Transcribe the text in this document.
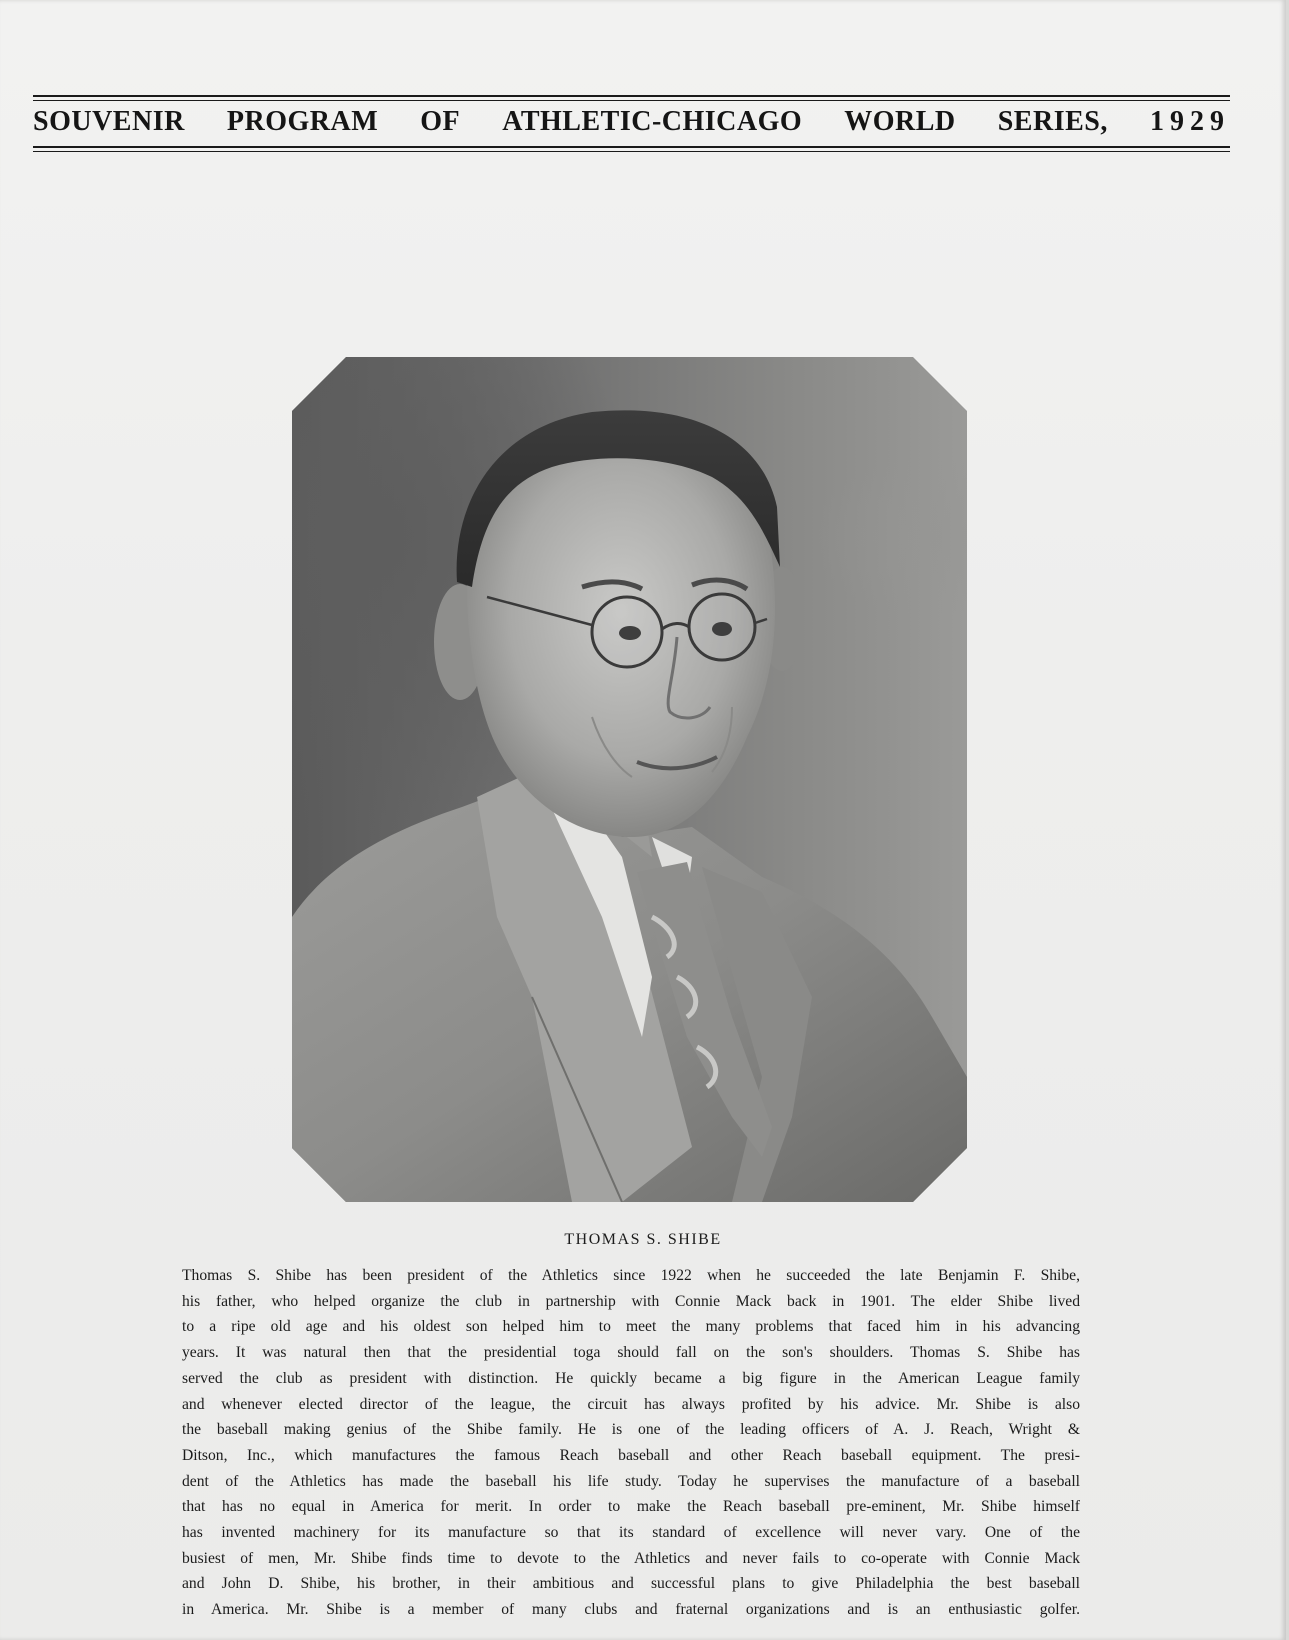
SOUVENIR PROGRAM OF ATHLETIC-CHICAGO WORLD SERIES, 1929
THOMAS S. SHIBE
Thomas S. Shibe has been president of the Athletics since 1922 when he succeeded the late Benjamin F. Shibe,
his father, who helped organize the club in partnership with Connie Mack back in 1901. The elder Shibe lived
to a ripe old age and his oldest son helped him to meet the many problems that faced him in his advancing
years. It was natural then that the presidential toga should fall on the son's shoulders. Thomas S. Shibe has
served the club as president with distinction. He quickly became a big figure in the American League family
and whenever elected director of the league, the circuit has always profited by his advice. Mr. Shibe is also
the baseball making genius of the Shibe family. He is one of the leading officers of A. J. Reach, Wright &
Ditson, Inc., which manufactures the famous Reach baseball and other Reach baseball equipment. The presi-
dent of the Athletics has made the baseball his life study. Today he supervises the manufacture of a baseball
that has no equal in America for merit. In order to make the Reach baseball pre-eminent, Mr. Shibe himself
has invented machinery for its manufacture so that its standard of excellence will never vary. One of the
busiest of men, Mr. Shibe finds time to devote to the Athletics and never fails to co-operate with Connie Mack
and John D. Shibe, his brother, in their ambitious and successful plans to give Philadelphia the best baseball
in America. Mr. Shibe is a member of many clubs and fraternal organizations and is an enthusiastic golfer.
